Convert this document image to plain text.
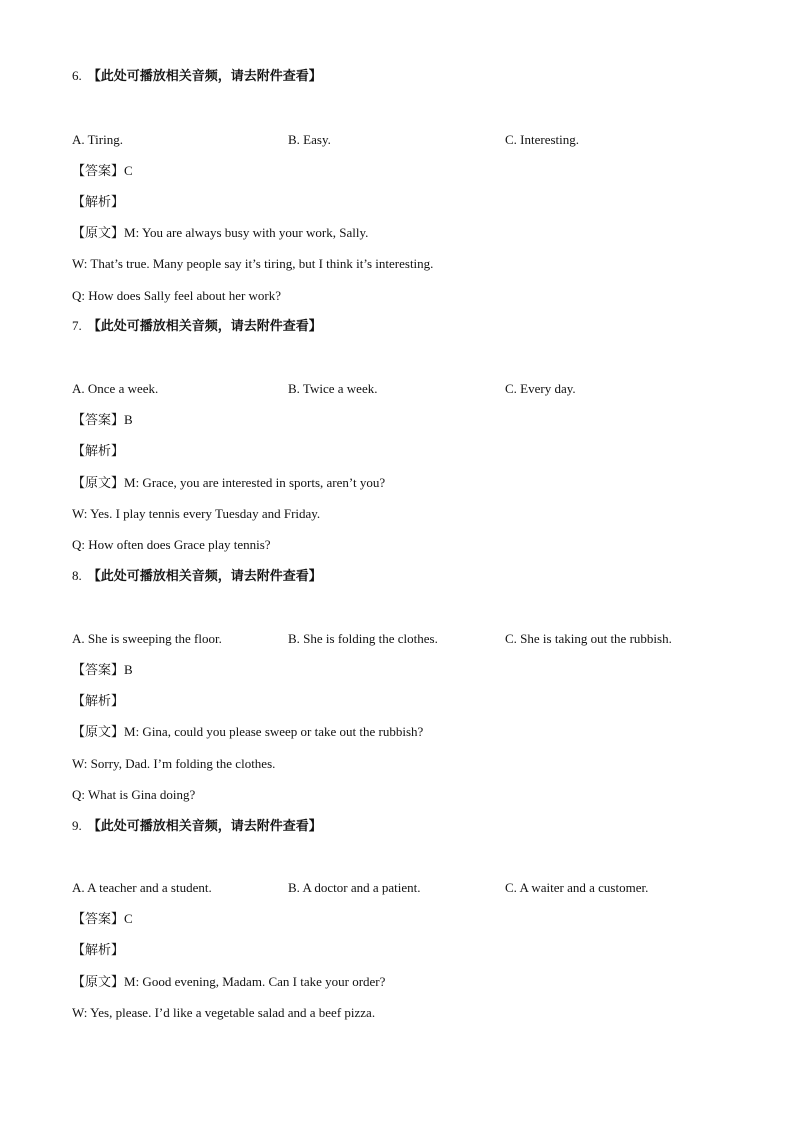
6. 【此处可播放相关音频，请去附件查看】
A. Tiring.	B. Easy.	C. Interesting.
【答案】C
【解析】
【原文】M: You are always busy with your work, Sally.
W: That’s true. Many people say it’s tiring, but I think it’s interesting.
Q: How does Sally feel about her work?
7. 【此处可播放相关音频，请去附件查看】
A. Once a week.	B. Twice a week.	C. Every day.
【答案】B
【解析】
【原文】M: Grace, you are interested in sports, aren’t you?
W: Yes. I play tennis every Tuesday and Friday.
Q: How often does Grace play tennis?
8. 【此处可播放相关音频，请去附件查看】
A. She is sweeping the floor.	B. She is folding the clothes.	C. She is taking out the rubbish.
【答案】B
【解析】
【原文】M: Gina, could you please sweep or take out the rubbish?
W: Sorry, Dad. I’m folding the clothes.
Q: What is Gina doing?
9. 【此处可播放相关音频，请去附件查看】
A. A teacher and a student.	B. A doctor and a patient.	C. A waiter and a customer.
【答案】C
【解析】
【原文】M: Good evening, Madam. Can I take your order?
W: Yes, please. I’d like a vegetable salad and a beef pizza.
